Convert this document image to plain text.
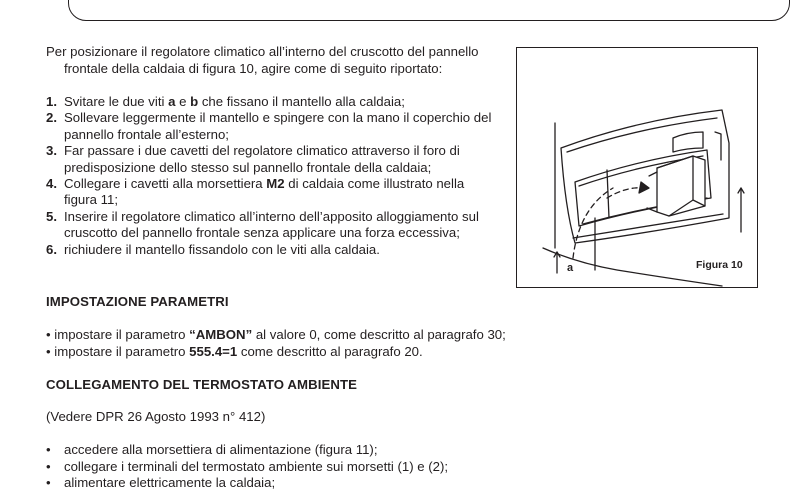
Per posizionare il regolatore climatico all’interno del cruscotto del pannello
frontale della caldaia di figura 10, agire come di seguito riportato:
1. Svitare le due viti a e b che fissano il mantello alla caldaia;
2. Sollevare leggermente il mantello e spingere con la mano il coperchio del pannello frontale all’esterno;
3. Far passare i due cavetti del regolatore climatico attraverso il foro di predisposizione dello stesso sul pannello frontale della caldaia;
4. Collegare i cavetti alla morsettiera M2 di caldaia come illustrato nella figura 11;
5. Inserire il regolatore climatico all’interno dell’apposito alloggiamento sul cruscotto del pannello frontale senza applicare una forza eccessiva;
6. richiudere il mantello fissandolo con le viti alla caldaia.
a	Figura 10
IMPOSTAZIONE PARAMETRI
• impostare il parametro “AMBON” al valore 0, come descritto al paragrafo 30;
• impostare il parametro 555.4=1 come descritto al paragrafo 20.
COLLEGAMENTO DEL TERMOSTATO AMBIENTE
(Vedere DPR 26 Agosto 1993 n° 412)
• accedere alla morsettiera di alimentazione (figura 11);
• collegare i terminali del termostato ambiente sui morsetti (1) e (2);
• alimentare elettricamente la caldaia;
